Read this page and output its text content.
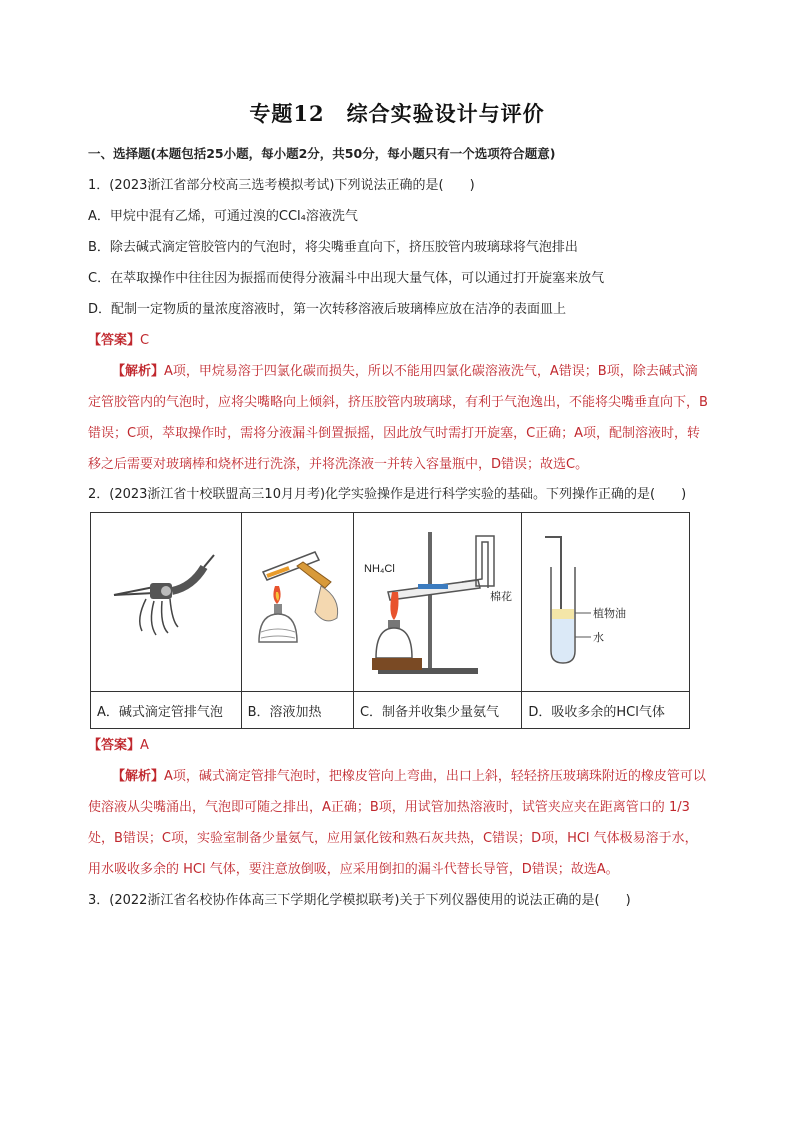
专题12　综合实验设计与评价
一、选择题(本题包括25小题，每小题2分，共50分，每小题只有一个选项符合题意)
1．(2023浙江省部分校高三选考模拟考试)下列说法正确的是(　　)
A．甲烷中混有乙烯，可通过溴的CCl₄溶液洗气
B．除去碱式滴定管胶管内的气泡时，将尖嘴垂直向下，挤压胶管内玻璃球将气泡排出
C．在萃取操作中往往因为振摇而使得分液漏斗中出现大量气体，可以通过打开旋塞来放气
D．配制一定物质的量浓度溶液时，第一次转移溶液后玻璃棒应放在洁净的表面皿上
【答案】C
【解析】A项，甲烷易溶于四氯化碳而损失，所以不能用四氯化碳溶液洗气，A错误；B项，除去碱式滴
定管胶管内的气泡时，应将尖嘴略向上倾斜，挤压胶管内玻璃球，有利于气泡逸出，不能将尖嘴垂直向下，B
错误；C项，萃取操作时，需将分液漏斗倒置振摇，因此放气时需打开旋塞，C正确；A项，配制溶液时，转
移之后需要对玻璃棒和烧杯进行洗涤，并将洗涤液一并转入容量瓶中，D错误；故选C。
2．(2023浙江省十校联盟高三10月月考)化学实验操作是进行科学实验的基础。下列操作正确的是(　　)

NH₄Cl
棉花	植物油
水

A．碱式滴定管排气泡	B．溶液加热	C．制备并收集少量氨气	D．吸收多余的HCl气体
【答案】A
【解析】A项，碱式滴定管排气泡时，把橡皮管向上弯曲，出口上斜，轻轻挤压玻璃珠附近的橡皮管可以
使溶液从尖嘴涌出，气泡即可随之排出，A正确；B项，用试管加热溶液时，试管夹应夹在距离管口的 1/3
处，B错误；C项，实验室制备少量氨气，应用氯化铵和熟石灰共热，C错误；D项，HCl 气体极易溶于水，
用水吸收多余的 HCl 气体，要注意放倒吸，应采用倒扣的漏斗代替长导管，D错误；故选A。
3．(2022浙江省名校协作体高三下学期化学模拟联考)关于下列仪器使用的说法正确的是(　　)
